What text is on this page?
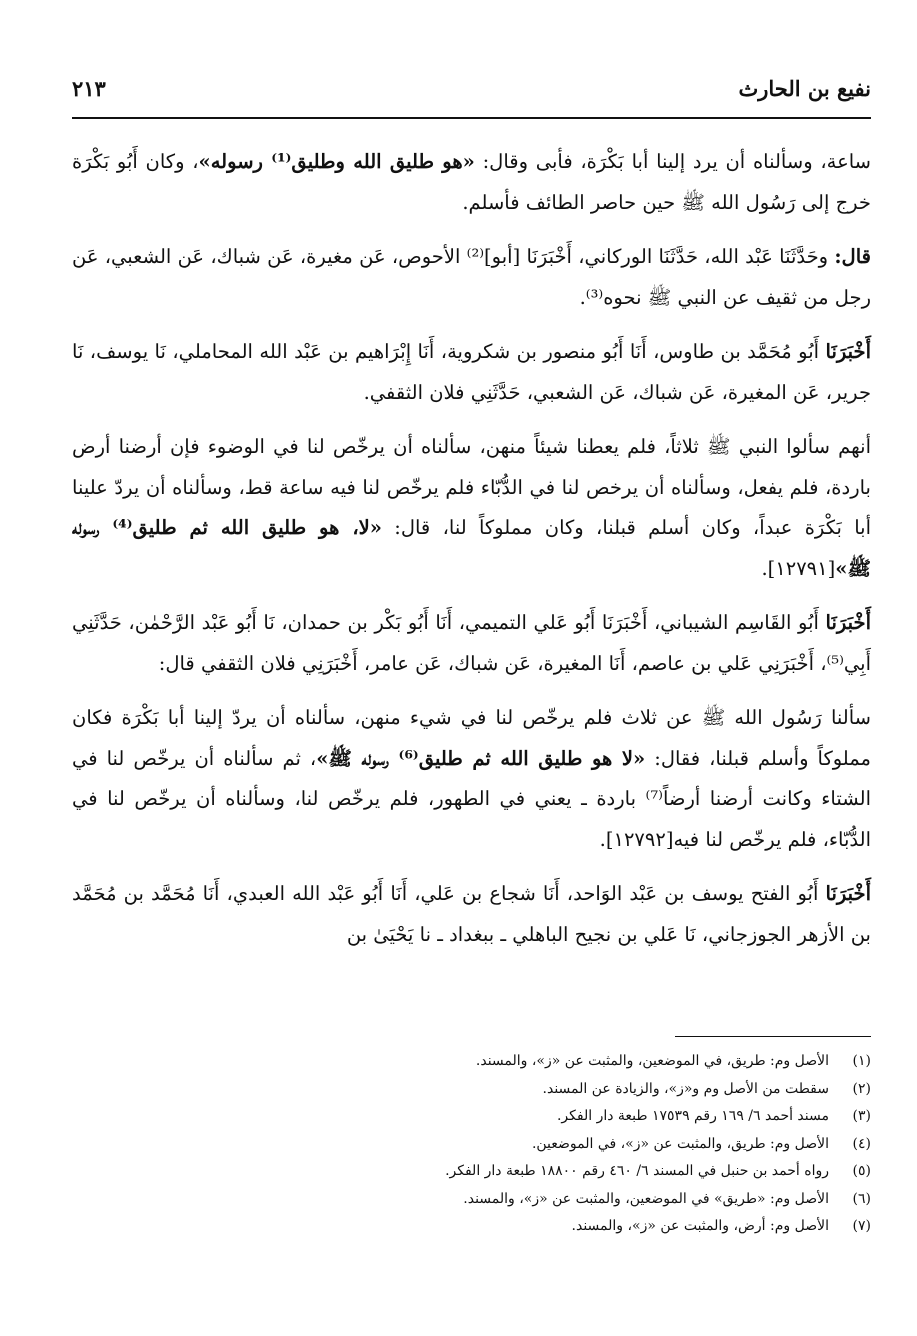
نفيع بن الحارث
٢١٣

ساعة، وسألناه أن يرد إلينا أبا بَكْرَة، فأبى وقال: «هو طليق الله وطليق⁽¹⁾ رسوله»، وكان أَبُو بَكْرَة خرج إلى رَسُول الله ﷺ حين حاصر الطائف فأسلم.

قال: وحَدَّثَنَا عَبْد الله، حَدَّثَنَا الوركاني، أَخْبَرَنَا [أبو]⁽²⁾ الأحوص، عَن مغيرة، عَن شباك، عَن الشعبي، عَن رجل من ثقيف عن النبي ﷺ نحوه⁽³⁾.

أَخْبَرَنَا أَبُو مُحَمَّد بن طاوس، أَنَا أَبُو منصور بن شكروية، أَنَا إِبْرَاهيم بن عَبْد الله المحاملي، نَا يوسف، نَا جرير، عَن المغيرة، عَن شباك، عَن الشعبي، حَدَّثَنِي فلان الثقفي.

أنهم سألوا النبي ﷺ ثلاثاً، فلم يعطنا شيئاً منهن، سألناه أن يرخّص لنا في الوضوء فإن أرضنا أرض باردة، فلم يفعل، وسألناه أن يرخص لنا في الدُّبّاء فلم يرخّص لنا فيه ساعة قط، وسألناه أن يردّ علينا أبا بَكْرَة عبداً، وكان أسلم قبلنا، وكان مملوكاً لنا، قال: «لا، هو طليق الله ثم طليق⁽⁴⁾ رسوله ﷺ»[١٢٧٩١].

أَخْبَرَنَا أَبُو القَاسِم الشيباني، أَخْبَرَنَا أَبُو عَلي التميمي، أَنَا أَبُو بَكْر بن حمدان، نَا أَبُو عَبْد الرَّحْمٰن، حَدَّثَنِي أَبِي⁽⁵⁾، أَخْبَرَنِي عَلي بن عاصم، أَنَا المغيرة، عَن شباك، عَن عامر، أَخْبَرَنِي فلان الثقفي قال:

سألنا رَسُول الله ﷺ عن ثلاث فلم يرخّص لنا في شيء منهن، سألناه أن يردّ إلينا أبا بَكْرَة فكان مملوكاً وأسلم قبلنا، فقال: «لا هو طليق الله ثم طليق⁽⁶⁾ رسوله ﷺ»، ثم سألناه أن يرخّص لنا في الشتاء وكانت أرضنا أرضاً⁽⁷⁾ باردة ـ يعني في الطهور، فلم يرخّص لنا، وسألناه أن يرخّص لنا في الدُّبّاء، فلم يرخّص لنا فيه[١٢٧٩٢].

أَخْبَرَنَا أَبُو الفتح يوسف بن عَبْد الوَاحد، أَنَا شجاع بن عَلي، أَنَا أَبُو عَبْد الله العبدي، أَنَا مُحَمَّد بن مُحَمَّد بن الأزهر الجوزجاني، نَا عَلي بن نجيح الباهلي ـ ببغداد ـ نا يَحْيَىٰ بن

(١)
الأصل وم: طريق، في الموضعين، والمثبت عن «ز»، والمسند.
(٢)
سقطت من الأصل وم و«ز»، والزيادة عن المسند.
(٣)
مسند أحمد ٦/ ١٦٩ رقم ١٧٥٣٩ طبعة دار الفكر.
(٤)
الأصل وم: طريق، والمثبت عن «ز»، في الموضعين.
(٥)
رواه أحمد بن حنبل في المسند ٦/ ٤٦٠ رقم ١٨٨٠٠ طبعة دار الفكر.
(٦)
الأصل وم: «طريق» في الموضعين، والمثبت عن «ز»، والمسند.
(٧)
الأصل وم: أرض، والمثبت عن «ز»، والمسند.
